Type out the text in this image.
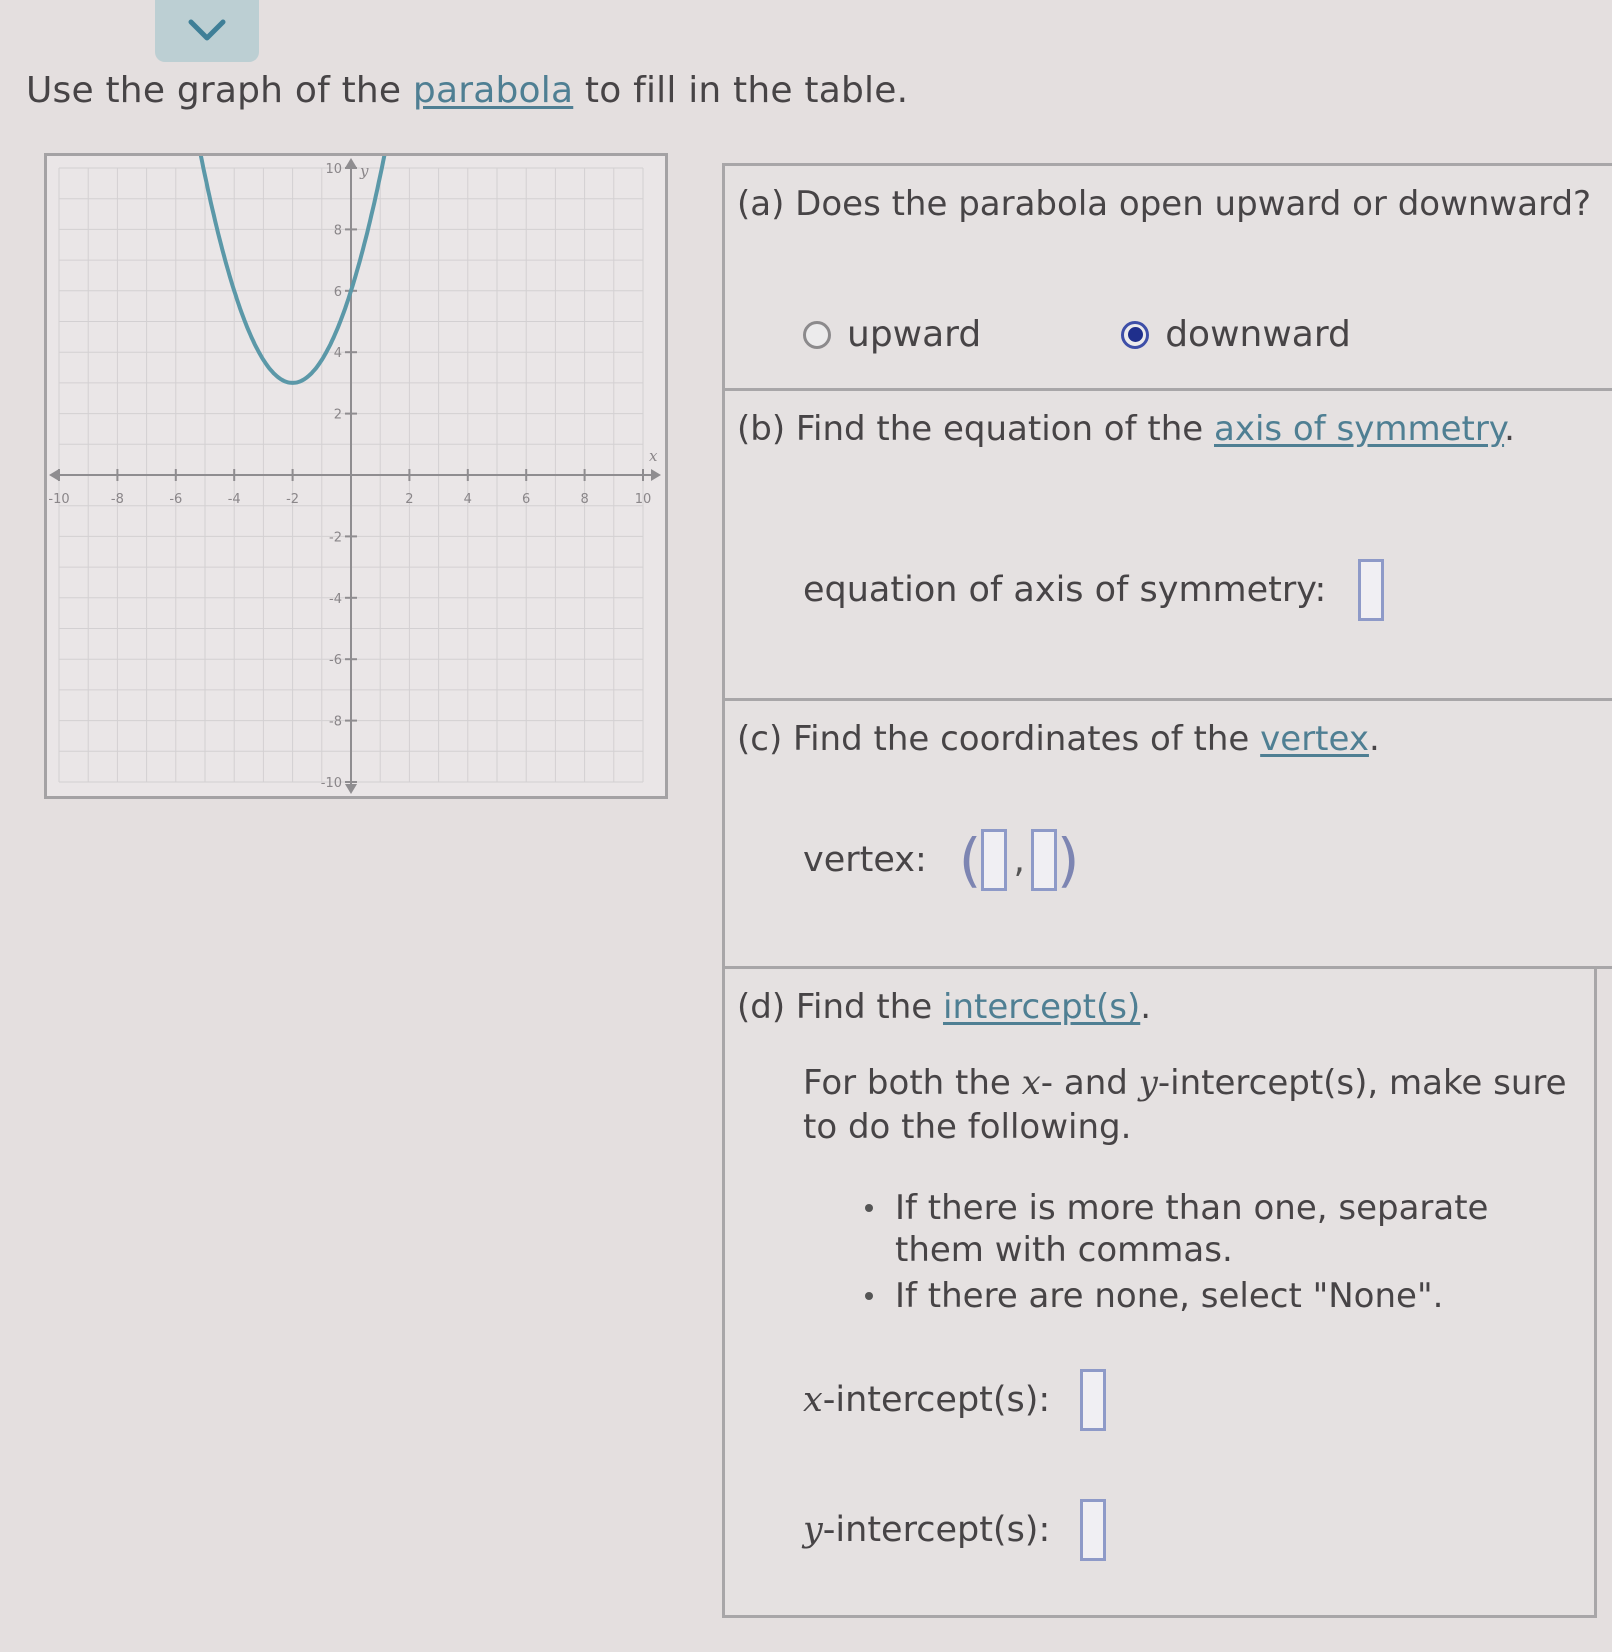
Use the graph of the parabola to fill in the table.
-10	-8	-6	-4	-2	2	4	6	8	10
10
8
6
4
2
-2
-4
-6
-8
-10
x
y
(a) Does the parabola open upward or downward?
upward	downward
(b) Find the equation of the axis of symmetry.
equation of axis of symmetry:
(c) Find the coordinates of the vertex.
vertex: ( , )
(d) Find the intercept(s).
For both the x- and y-intercept(s), make sure to do the following.
If there is more than one, separate them with commas.
If there are none, select "None".
x-intercept(s):
y-intercept(s):
